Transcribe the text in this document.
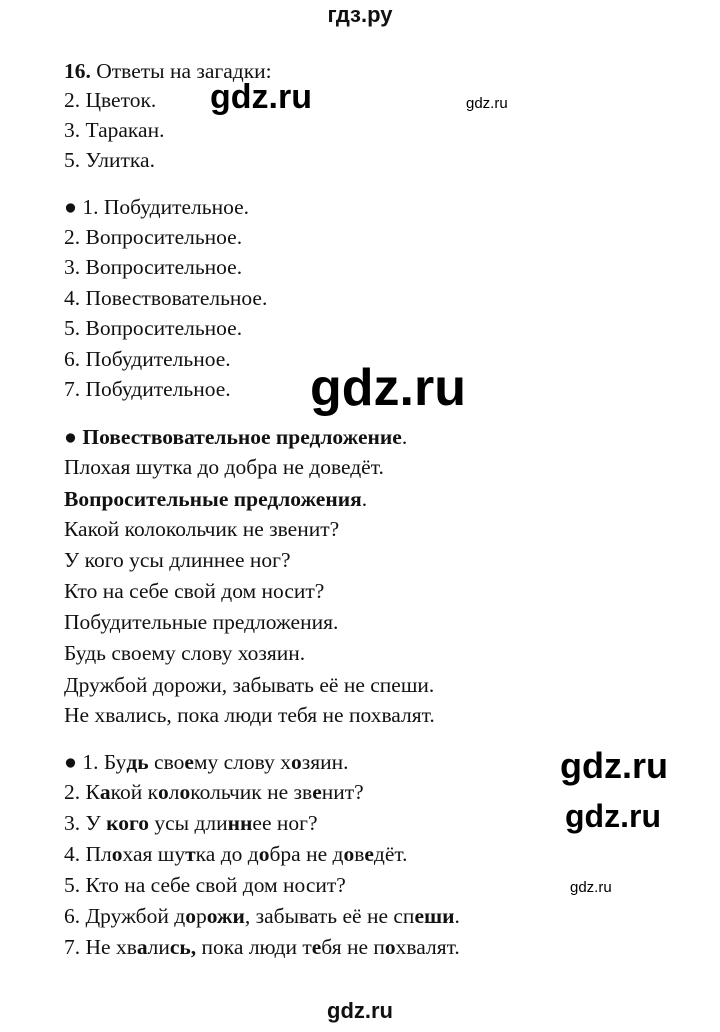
гдз.ру
16. Ответы на загадки:
2. Цветок.
3. Таракан.
5. Улитка.
● 1. Побудительное.
2. Вопросительное.
3. Вопросительное.
4. Повествовательное.
5. Вопросительное.
6. Побудительное.
7. Побудительное.
● Повествовательное предложение.
Плохая шутка до добра не доведёт.
Вопросительные предложения.
Какой колокольчик не звенит?
У кого усы длиннее ног?
Кто на себе свой дом носит?
Побудительные предложения.
Будь своему слову хозяин.
Дружбой дорожи, забывать её не спеши.
Не хвались, пока люди тебя не похвалят.
● 1. Будь своему слову хозяин.
2. Какой колокольчик не звенит?
3. У кого усы длиннее ног?
4. Плохая шутка до добра не доведёт.
5. Кто на себе свой дом носит?
6. Дружбой дорожи, забывать её не спеши.
7. Не хвались, пока люди тебя не похвалят.
gdz.ru	gdz.ru
gdz.ru
gdz.ru
gdz.ru
gdz.ru
gdz.ru
